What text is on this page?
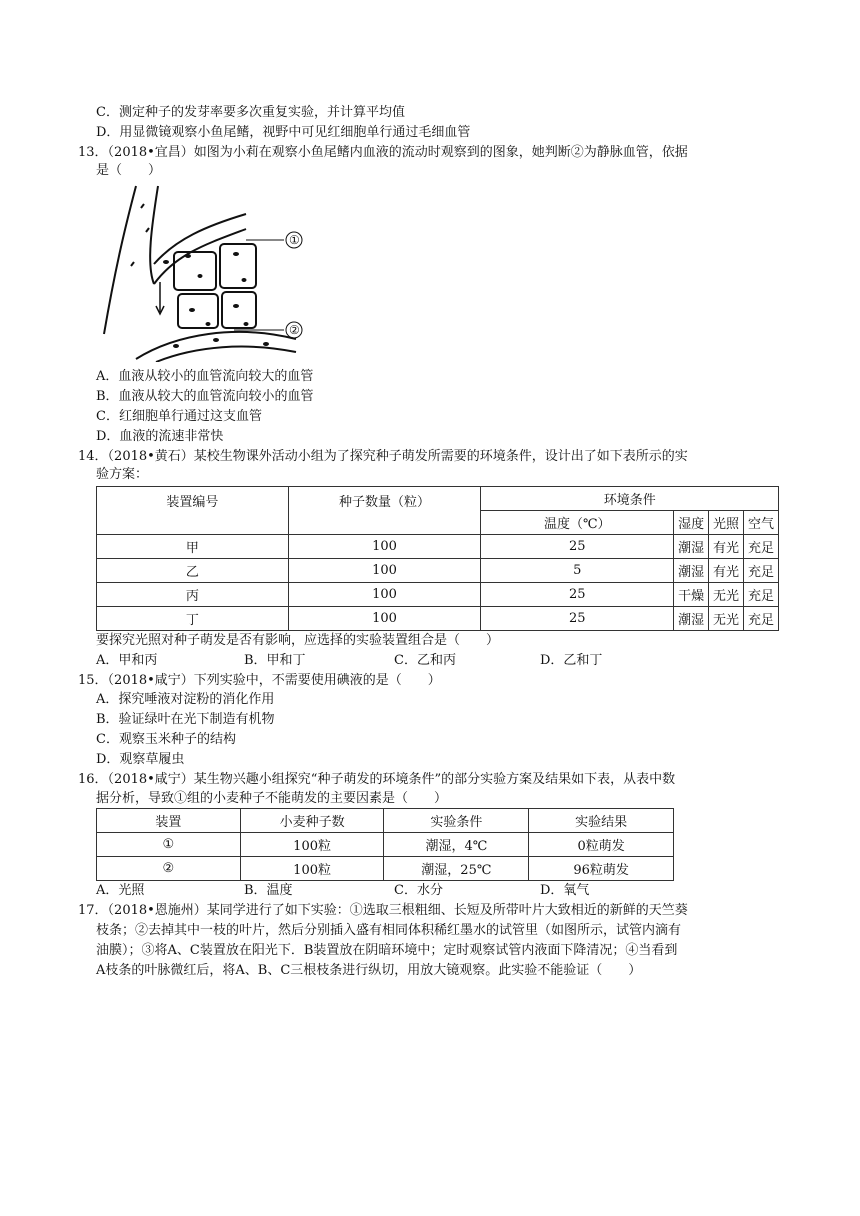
C．测定种子的发芽率要多次重复实验，并计算平均值
D．用显微镜观察小鱼尾鳍，视野中可见红细胞单行通过毛细血管
13．（2018•宜昌）如图为小莉在观察小鱼尾鳍内血液的流动时观察到的图象，她判断②为静脉血管，依据
是（　　）
①
②
A．血液从较小的血管流向较大的血管
B．血液从较大的血管流向较小的血管
C．红细胞单行通过这支血管
D．血液的流速非常快
14．（2018•黄石）某校生物课外活动小组为了探究种子萌发所需要的环境条件，设计出了如下表所示的实
验方案：
装置编号	种子数量（粒）	环境条件			
		温度（℃）	湿度	光照	空气
甲	100	25	潮湿	有光	充足
乙	100	5	潮湿	有光	充足
丙	100	25	干燥	无光	充足
丁	100	25	潮湿	无光	充足
要探究光照对种子萌发是否有影响，应选择的实验装置组合是（　　）
A．甲和丙	B．甲和丁	C．乙和丙	D．乙和丁
15．（2018•咸宁）下列实验中，不需要使用碘液的是（　　）
A．探究唾液对淀粉的消化作用
B．验证绿叶在光下制造有机物
C．观察玉米种子的结构
D．观察草履虫
16．（2018•咸宁）某生物兴趣小组探究“种子萌发的环境条件”的部分实验方案及结果如下表，从表中数
据分析，导致①组的小麦种子不能萌发的主要因素是（　　）
装置	小麦种子数	实验条件	实验结果
①	100粒	潮湿，4℃	0粒萌发
②	100粒	潮湿，25℃	96粒萌发
A．光照	B．温度	C．水分	D．氧气
17．（2018•恩施州）某同学进行了如下实验：①选取三根粗细、长短及所带叶片大致相近的新鲜的天竺葵
枝条；②去掉其中一枝的叶片，然后分别插入盛有相同体积稀红墨水的试管里（如图所示，试管内滴有
油膜）；③将A、C装置放在阳光下．B装置放在阴暗环境中；定时观察试管内液面下降清况；④当看到
A枝条的叶脉微红后，将A、B、C三根枝条进行纵切，用放大镜观察。此实验不能验证（　　）
